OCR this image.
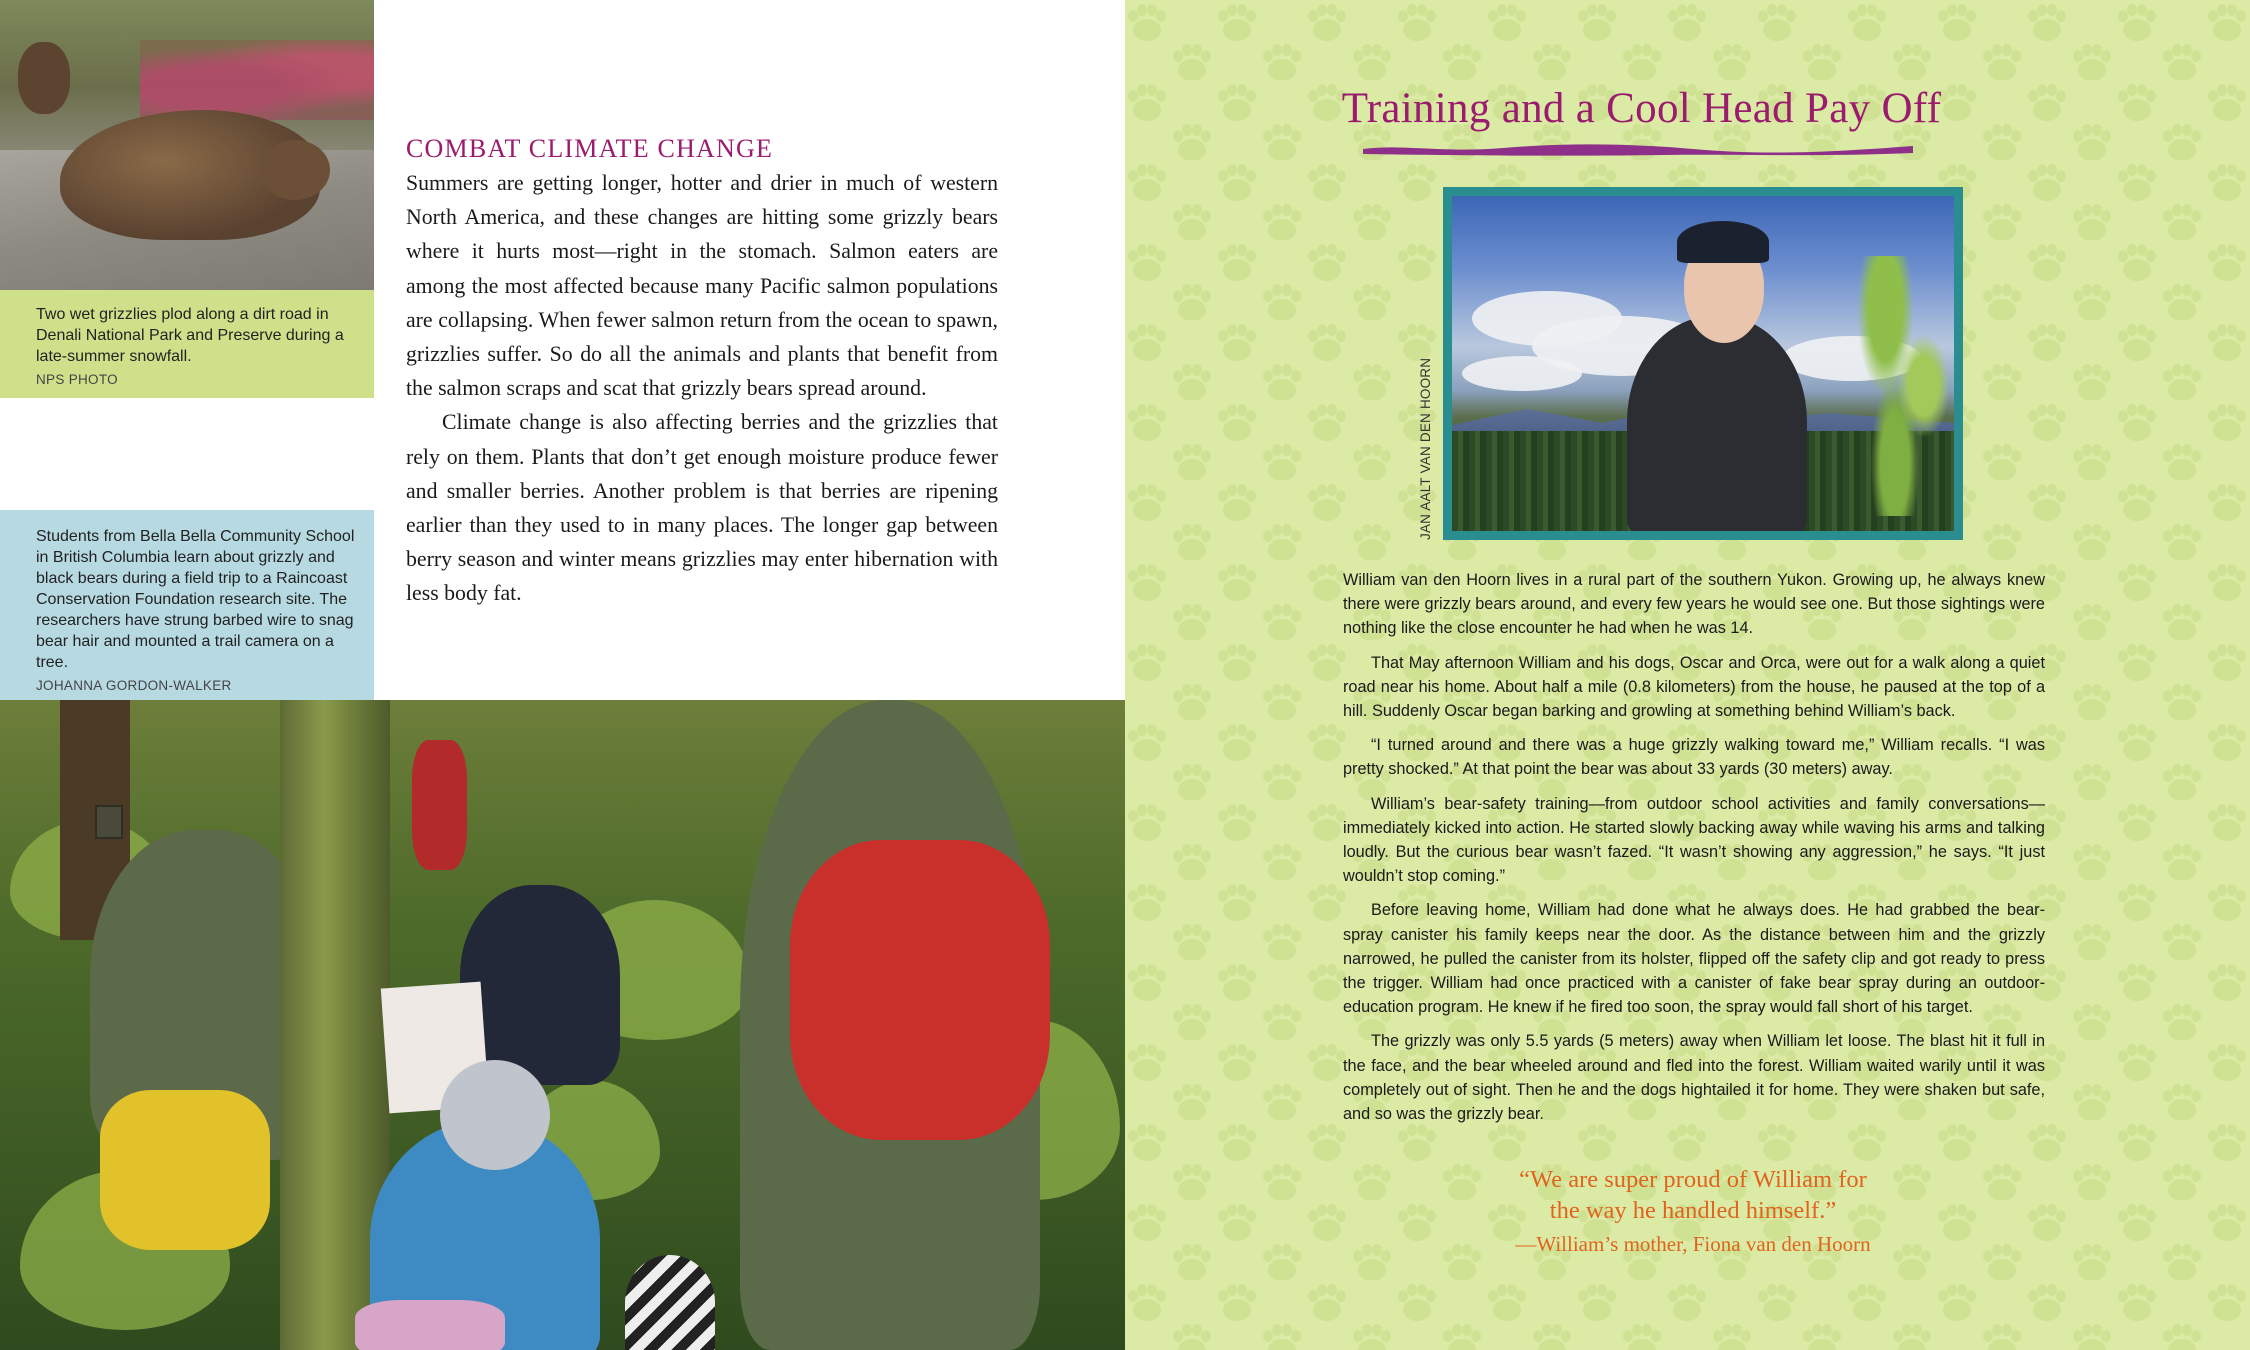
Two wet grizzlies plod along a dirt road in Denali National Park and Preserve during a late-summer snowfall.
NPS PHOTO
COMBAT CLIMATE CHANGE

Summers are getting longer, hotter and drier in much of western North America, and these changes are hitting some grizzly bears where it hurts most—right in the stomach. Salmon eaters are among the most affected because many Pacific salmon populations are collapsing. When fewer salmon return from the ocean to spawn, grizzlies suffer. So do all the animals and plants that benefit from the salmon scraps and scat that grizzly bears spread around.

Climate change is also affecting berries and the grizzlies that rely on them. Plants that don’t get enough moisture produce fewer and smaller berries. Another problem is that berries are ripening earlier than they used to in many places. The longer gap between berry season and winter means grizzlies may enter hibernation with less body fat.

Students from Bella Bella Community School in British Columbia learn about grizzly and black bears during a field trip to a Raincoast Conservation Foundation research site. The researchers have strung barbed wire to snag bear hair and mounted a trail camera on a tree.
JOHANNA GORDON-WALKER
Training and a Cool Head Pay Off
JAN AALT VAN DEN HOORN

William van den Hoorn lives in a rural part of the southern Yukon. Growing up, he always knew there were grizzly bears around, and every few years he would see one. But those sightings were nothing like the close encounter he had when he was 14.

That May afternoon William and his dogs, Oscar and Orca, were out for a walk along a quiet road near his home. About half a mile (0.8 kilometers) from the house, he paused at the top of a hill. Suddenly Oscar began barking and growling at something behind William’s back.

“I turned around and there was a huge grizzly walking toward me,” William recalls. “I was pretty shocked.” At that point the bear was about 33 yards (30 meters) away.

William’s bear-safety training—from outdoor school activities and family conversations—immediately kicked into action. He started slowly backing away while waving his arms and talking loudly. But the curious bear wasn’t fazed. “It wasn’t showing any aggression,” he says. “It just wouldn’t stop coming.”

Before leaving home, William had done what he always does. He had grabbed the bear-spray canister his family keeps near the door. As the distance between him and the grizzly narrowed, he pulled the canister from its holster, flipped off the safety clip and got ready to press the trigger. William had once practiced with a canister of fake bear spray during an outdoor-education program. He knew if he fired too soon, the spray would fall short of his target.

The grizzly was only 5.5 yards (5 meters) away when William let loose. The blast hit it full in the face, and the bear wheeled around and fled into the forest. William waited warily until it was completely out of sight. Then he and the dogs hightailed it for home. They were shaken but safe, and so was the grizzly bear.

“We are super proud of William for
the way he handled himself.”
—William’s mother, Fiona van den Hoorn
